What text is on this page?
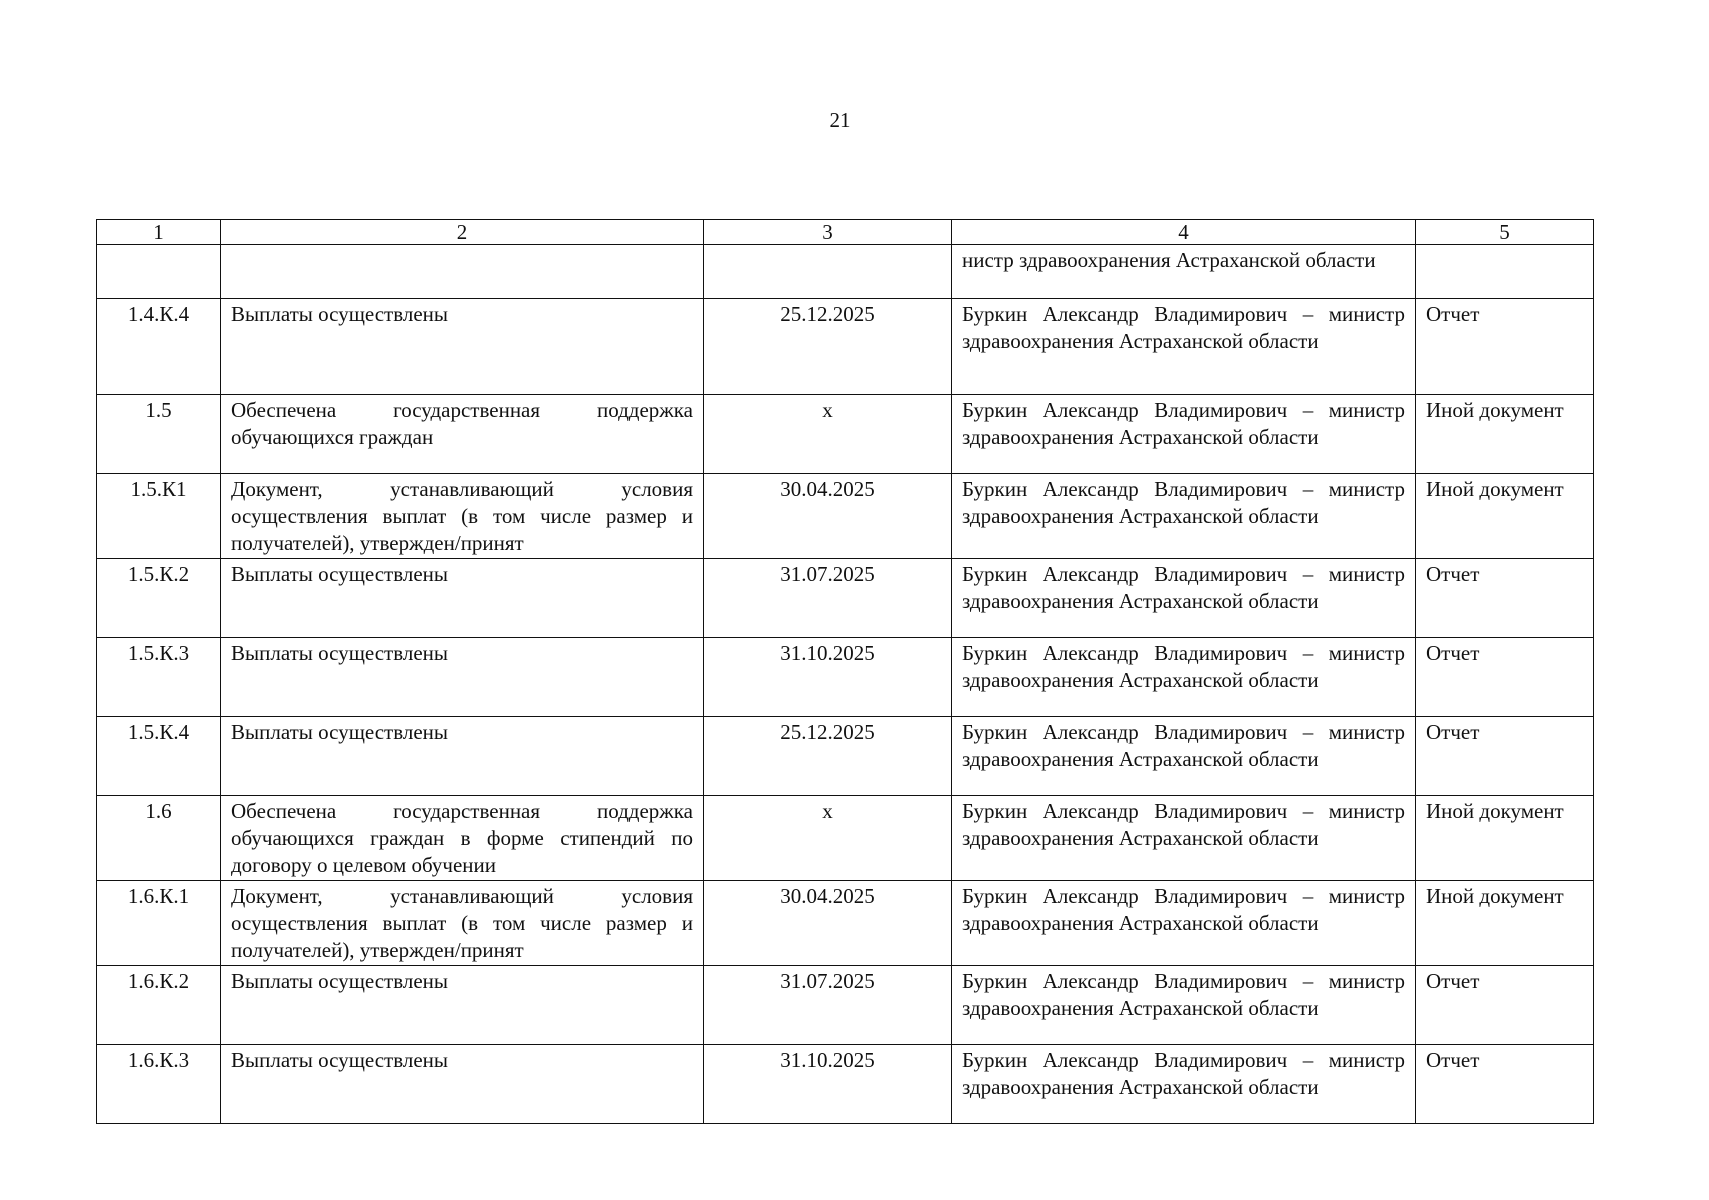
21
1	2	3	4	5
			нистр здравоохранения Астраханской области	
1.4.К.4	Выплаты осуществлены	25.12.2025	Буркин Александр Владимирович – министр здравоохранения Астраханской области	Отчет
1.5	Обеспечена государственная поддержка обучающихся граждан	x	Буркин Александр Владимирович – министр здравоохранения Астраханской области	Иной документ
1.5.К1	Документ, устанавливающий условия осуществления выплат (в том числе размер и получателей), утвержден/принят	30.04.2025	Буркин Александр Владимирович – министр здравоохранения Астраханской области	Иной документ
1.5.К.2	Выплаты осуществлены	31.07.2025	Буркин Александр Владимирович – министр здравоохранения Астраханской области	Отчет
1.5.К.3	Выплаты осуществлены	31.10.2025	Буркин Александр Владимирович – министр здравоохранения Астраханской области	Отчет
1.5.К.4	Выплаты осуществлены	25.12.2025	Буркин Александр Владимирович – министр здравоохранения Астраханской области	Отчет
1.6	Обеспечена государственная поддержка обучающихся граждан в форме стипендий по договору о целевом обучении	x	Буркин Александр Владимирович – министр здравоохранения Астраханской области	Иной документ
1.6.К.1	Документ, устанавливающий условия осуществления выплат (в том числе размер и получателей), утвержден/принят	30.04.2025	Буркин Александр Владимирович – министр здравоохранения Астраханской области	Иной документ
1.6.К.2	Выплаты осуществлены	31.07.2025	Буркин Александр Владимирович – министр здравоохранения Астраханской области	Отчет
1.6.К.3	Выплаты осуществлены	31.10.2025	Буркин Александр Владимирович – министр здравоохранения Астраханской области	Отчет
